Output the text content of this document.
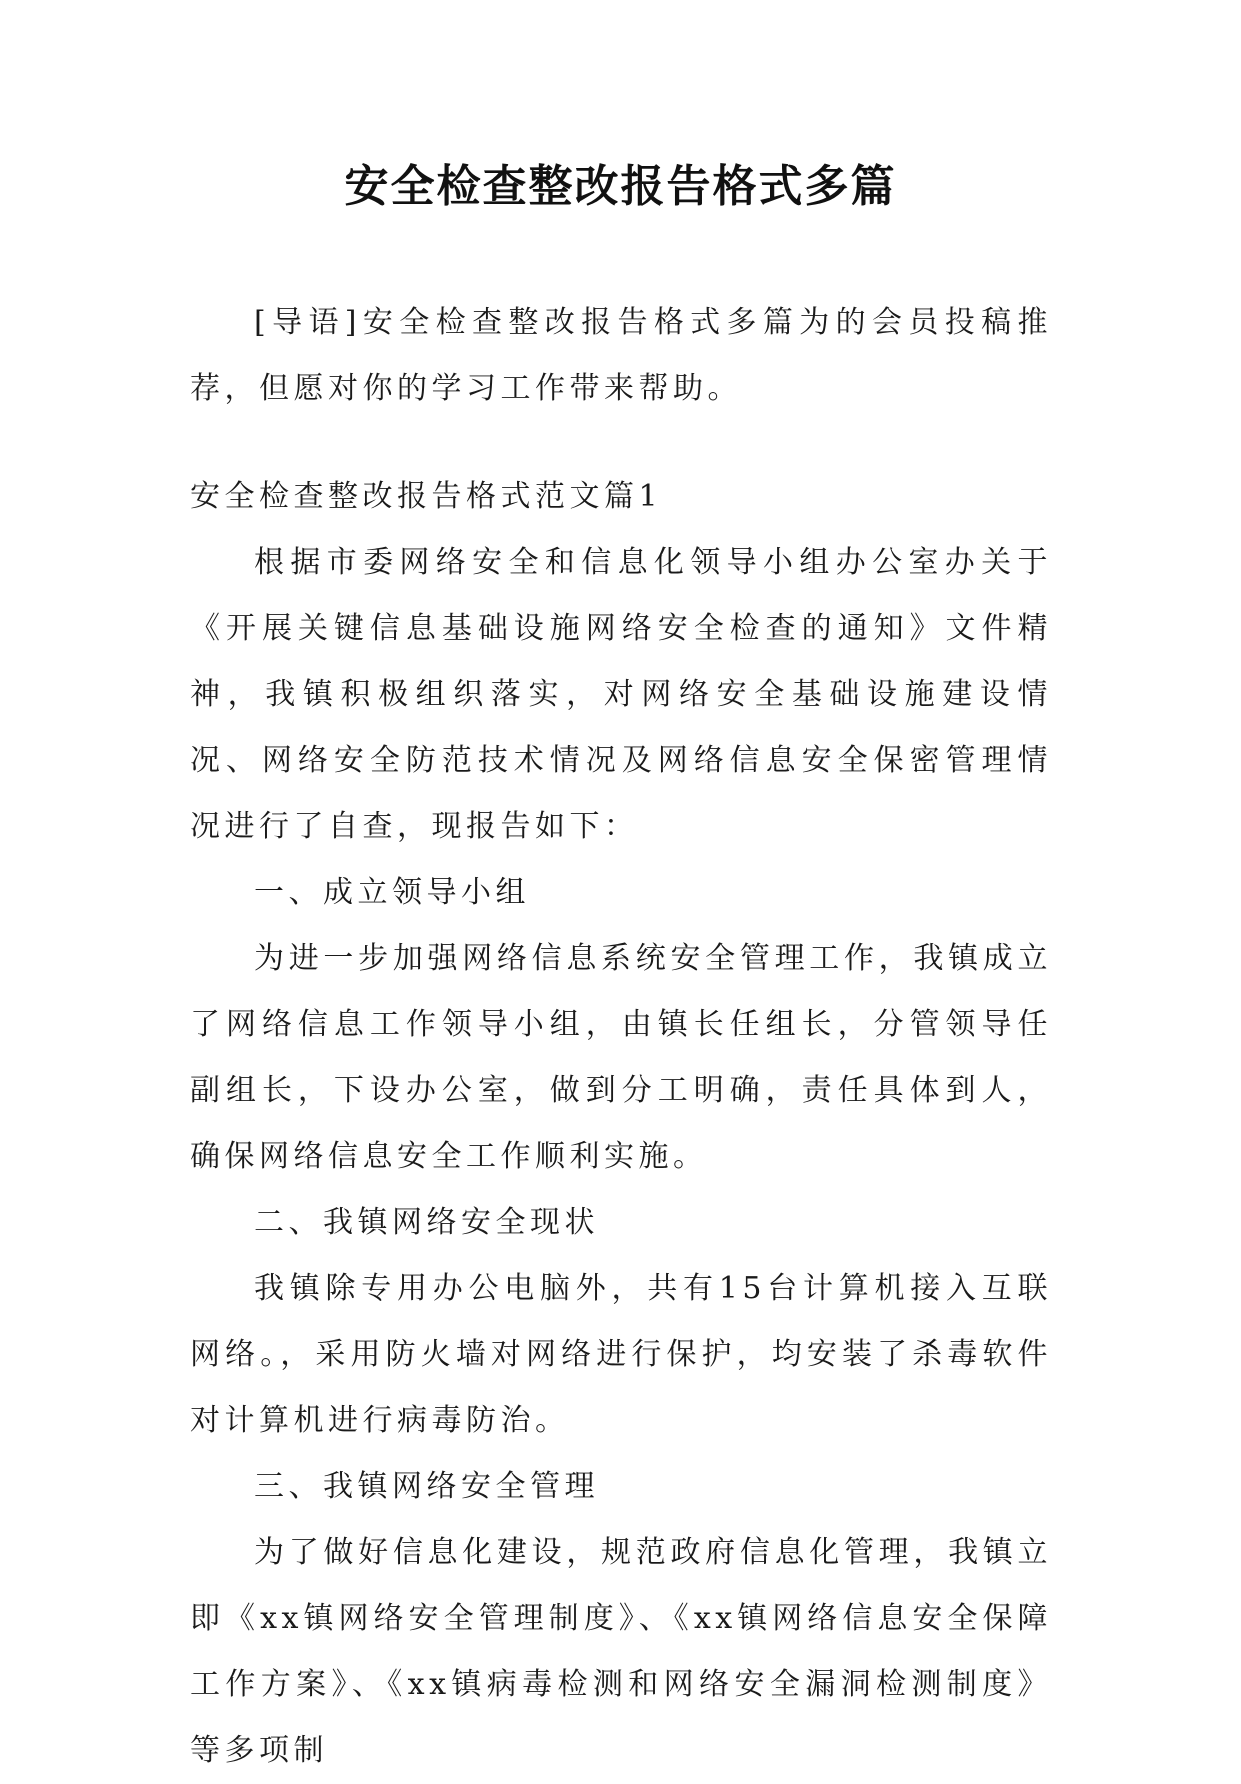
安全检查整改报告格式多篇

[导语]安全检查整改报告格式多篇为的会员投稿推荐，但愿对你的学习工作带来帮助。

安全检查整改报告格式范文篇1

根据市委网络安全和信息化领导小组办公室办关于《开展关键信息基础设施网络安全检查的通知》文件精神，我镇积极组织落实，对网络安全基础设施建设情况、网络安全防范技术情况及网络信息安全保密管理情况进行了自查，现报告如下：

一、成立领导小组

为进一步加强网络信息系统安全管理工作，我镇成立了网络信息工作领导小组，由镇长任组长，分管领导任副组长，下设办公室，做到分工明确，责任具体到人，确保网络信息安全工作顺利实施。

二、我镇网络安全现状

我镇除专用办公电脑外，共有15台计算机接入互联网络。，采用防火墙对网络进行保护，均安装了杀毒软件对计算机进行病毒防治。

三、我镇网络安全管理

为了做好信息化建设，规范政府信息化管理，我镇立即《xx镇网络安全管理制度》、《xx镇网络信息安全保障工作方案》、《xx镇病毒检测和网络安全漏洞检测制度》等多项制
